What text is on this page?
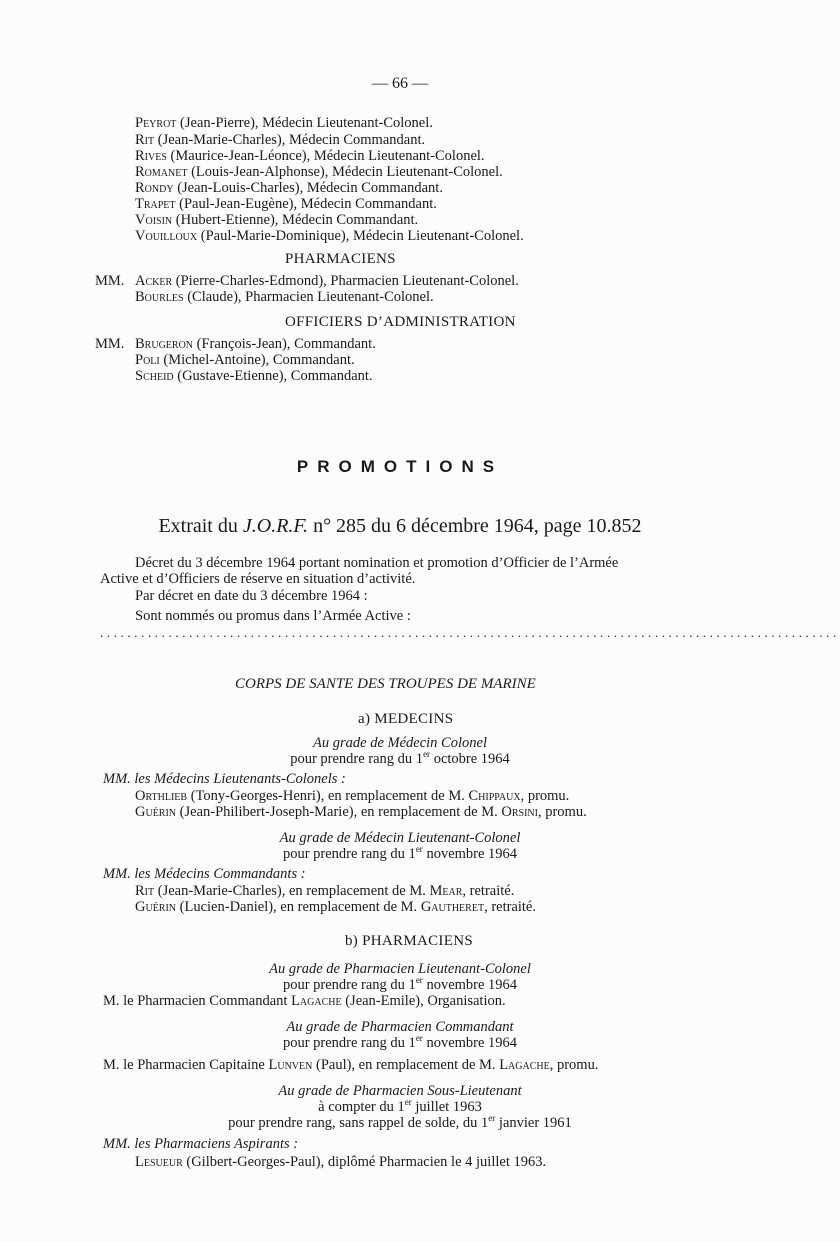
— 66 —
Peyrot (Jean-Pierre), Médecin Lieutenant-Colonel.
Rit (Jean-Marie-Charles), Médecin Commandant.
Rives (Maurice-Jean-Léonce), Médecin Lieutenant-Colonel.
Romanet (Louis-Jean-Alphonse), Médecin Lieutenant-Colonel.
Rondy (Jean-Louis-Charles), Médecin Commandant.
Trapet (Paul-Jean-Eugène), Médecin Commandant.
Voisin (Hubert-Etienne), Médecin Commandant.
Vouilloux (Paul-Marie-Dominique), Médecin Lieutenant-Colonel.
PHARMACIENS
MM. Acker (Pierre-Charles-Edmond), Pharmacien Lieutenant-Colonel.
Bourles (Claude), Pharmacien Lieutenant-Colonel.
OFFICIERS D’ADMINISTRATION
MM. Brugeron (François-Jean), Commandant.
Poli (Michel-Antoine), Commandant.
Scheid (Gustave-Etienne), Commandant.
PROMOTIONS
Extrait du J.O.R.F. n° 285 du 6 décembre 1964, page 10.852
Décret du 3 décembre 1964 portant nomination et promotion d’Officier de l’Armée
Active et d’Officiers de réserve en situation d’activité.
Par décret en date du 3 décembre 1964 :
Sont nommés ou promus dans l’Armée Active :
............................................................................................................
CORPS DE SANTE DES TROUPES DE MARINE
a) MEDECINS
Au grade de Médecin Colonel
pour prendre rang du 1er octobre 1964
MM. les Médecins Lieutenants-Colonels :
Orthlieb (Tony-Georges-Henri), en remplacement de M. Chippaux, promu.
Guérin (Jean-Philibert-Joseph-Marie), en remplacement de M. Orsini, promu.
Au grade de Médecin Lieutenant-Colonel
pour prendre rang du 1er novembre 1964
MM. les Médecins Commandants :
Rit (Jean-Marie-Charles), en remplacement de M. Mear, retraité.
Guérin (Lucien-Daniel), en remplacement de M. Gautheret, retraité.
b) PHARMACIENS
Au grade de Pharmacien Lieutenant-Colonel
pour prendre rang du 1er novembre 1964
M. le Pharmacien Commandant Lagache (Jean-Emile), Organisation.
Au grade de Pharmacien Commandant
pour prendre rang du 1er novembre 1964
M. le Pharmacien Capitaine Lunven (Paul), en remplacement de M. Lagache, promu.
Au grade de Pharmacien Sous-Lieutenant
à compter du 1er juillet 1963
pour prendre rang, sans rappel de solde, du 1er janvier 1961
MM. les Pharmaciens Aspirants :
Lesueur (Gilbert-Georges-Paul), diplômé Pharmacien le 4 juillet 1963.
